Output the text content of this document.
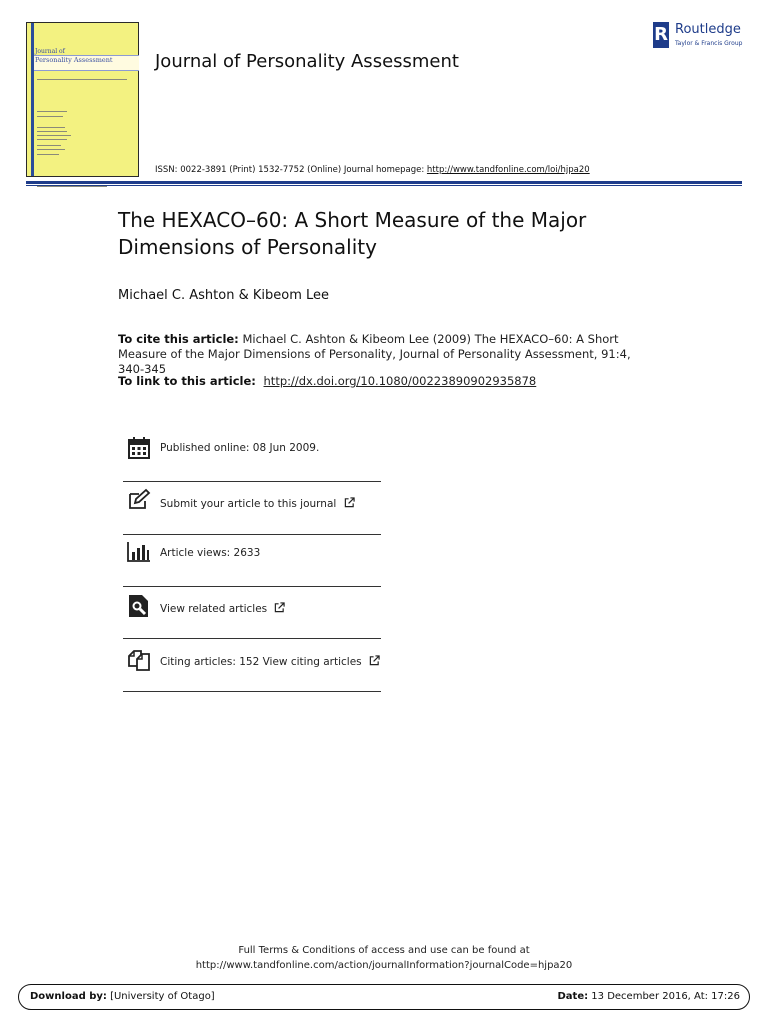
Journal of
Personality Assessment Journal of Personality Assessment
R Routledge
Taylor & Francis Group
ISSN: 0022-3891 (Print) 1532-7752 (Online) Journal homepage: http://www.tandfonline.com/loi/hjpa20
The HEXACO–60: A Short Measure of the Major Dimensions of Personality
Michael C. Ashton & Kibeom Lee
To cite this article: Michael C. Ashton & Kibeom Lee (2009) The HEXACO–60: A Short Measure of the Major Dimensions of Personality, Journal of Personality Assessment, 91:4, 340-345
To link to this article: http://dx.doi.org/10.1080/00223890902935878
Published online: 08 Jun 2009.
Submit your article to this journal
Article views: 2633
View related articles
Citing articles: 152 View citing articles
Full Terms & Conditions of access and use can be found at
http://www.tandfonline.com/action/journalInformation?journalCode=hjpa20
Download by: [University of Otago]	Date: 13 December 2016, At: 17:26
